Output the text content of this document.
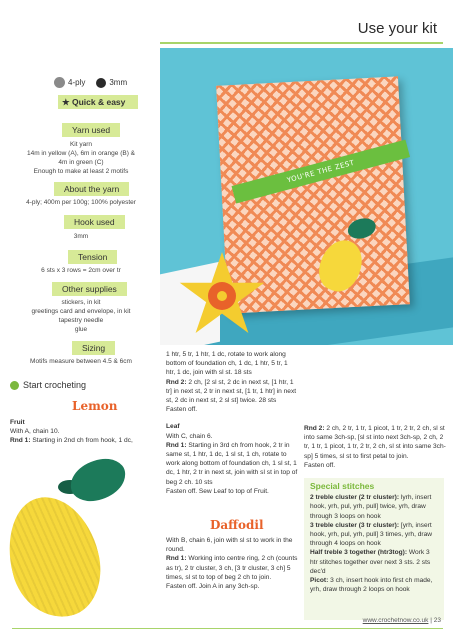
Use your kit
YOU'RE THE ZEST
4-ply	3mm
★ Quick & easy
Yarn used
Kit yarn
14m in yellow (A), 6m in orange (B) &
4m in green (C)
Enough to make at least 2 motifs
About the yarn
4-ply; 400m per 100g; 100% polyester
Hook used
3mm
Tension
6 sts x 3 rows = 2cm over tr
Other supplies
stickers, in kit
greetings card and envelope, in kit
tapestry needle
glue
Sizing
Motifs measure between 4.5 & 6cm
Start crocheting
Lemon
Fruit
With A, chain 10.
Rnd 1: Starting in 2nd ch from hook, 1 dc,
1 htr, 5 tr, 1 htr, 1 dc, rotate to work along bottom of foundation ch, 1 dc, 1 htr, 5 tr, 1 htr, 1 dc, join with sl st. 18 sts
Rnd 2: 2 ch, [2 sl st, 2 dc in next st, [1 htr, 1 tr] in next st, 2 tr in next st, [1 tr, 1 htr] in next st, 2 dc in next st, 2 sl st] twice. 28 sts
Fasten off.
Leaf
With C, chain 6.
Rnd 1: Starting in 3rd ch from hook, 2 tr in same st, 1 htr, 1 dc, 1 sl st, 1 ch, rotate to work along bottom of foundation ch, 1 sl st, 1 dc, 1 htr, 2 tr in next st, join with sl st in top of beg 2 ch. 10 sts
Fasten off. Sew Leaf to top of Fruit.
Daffodil
With B, chain 6, join with sl st to work in the round.
Rnd 1: Working into centre ring, 2 ch (counts as tr), 2 tr cluster, 3 ch, [3 tr cluster, 3 ch] 5 times, sl st to top of beg 2 ch to join.
Fasten off. Join A in any 3ch-sp.
Rnd 2: 2 ch, 2 tr, 1 tr, 1 picot, 1 tr, 2 tr, 2 ch, sl st into same 3ch-sp, [sl st into next 3ch-sp, 2 ch, 2 tr, 1 tr, 1 picot, 1 tr, 2 tr, 2 ch, sl st into same 3ch-sp] 5 times, sl st to first petal to join.
Fasten off.
Special stitches
2 treble cluster (2 tr cluster): lyrh, insert hook, yrh, pul, yrh, pull] twice, yrh, draw through 3 loops on hook
3 treble cluster (3 tr cluster): [yrh, insert hook, yrh, pul, yrh, pull] 3 times, yrh, draw through 4 loops on hook
Half treble 3 together (htr3tog): Work 3 htr stitches together over next 3 sts. 2 sts dec'd
Picot: 3 ch, insert hook into first ch made, yrh, draw through 2 loops on hook
www.crochetnow.co.uk | 23
